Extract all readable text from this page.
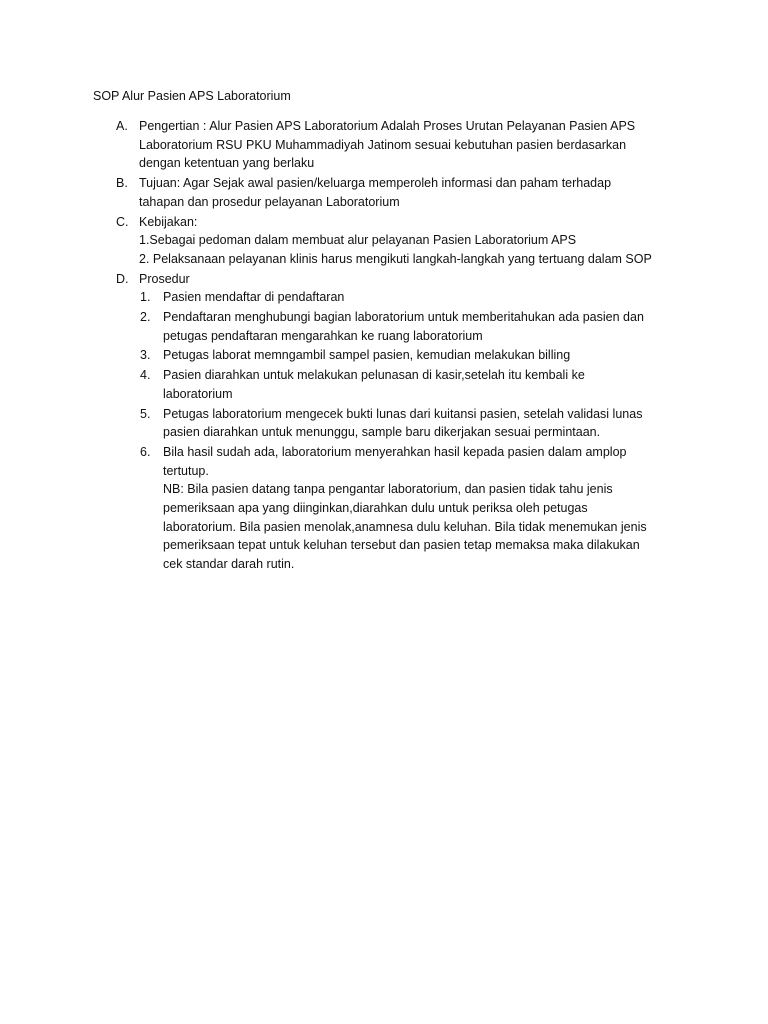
SOP Alur Pasien APS Laboratorium
A. Pengertian : Alur Pasien APS Laboratorium Adalah Proses Urutan Pelayanan Pasien APS
Laboratorium RSU PKU Muhammadiyah Jatinom sesuai kebutuhan pasien berdasarkan
dengan ketentuan yang berlaku
B. Tujuan: Agar Sejak awal pasien/keluarga memperoleh informasi dan paham terhadap
tahapan dan prosedur pelayanan Laboratorium
C. Kebijakan:
1.Sebagai pedoman dalam membuat alur pelayanan Pasien Laboratorium APS
2. Pelaksanaan pelayanan klinis harus mengikuti langkah-langkah yang tertuang dalam SOP
D. Prosedur
1. Pasien mendaftar di pendaftaran
2. Pendaftaran menghubungi bagian laboratorium untuk memberitahukan ada pasien dan
petugas pendaftaran mengarahkan ke ruang laboratorium
3. Petugas laborat memngambil sampel pasien, kemudian melakukan billing
4. Pasien diarahkan untuk melakukan pelunasan di kasir,setelah itu kembali ke
laboratorium
5. Petugas laboratorium mengecek bukti lunas dari kuitansi pasien, setelah validasi lunas
pasien diarahkan untuk menunggu, sample baru dikerjakan sesuai permintaan.
6. Bila hasil sudah ada, laboratorium menyerahkan hasil kepada pasien dalam amplop
tertutup.
NB: Bila pasien datang tanpa pengantar laboratorium, dan pasien tidak tahu jenis
pemeriksaan apa yang diinginkan,diarahkan dulu untuk periksa oleh petugas
laboratorium. Bila pasien menolak,anamnesa dulu keluhan. Bila tidak menemukan jenis
pemeriksaan tepat untuk keluhan tersebut dan pasien tetap memaksa maka dilakukan
cek standar darah rutin.
